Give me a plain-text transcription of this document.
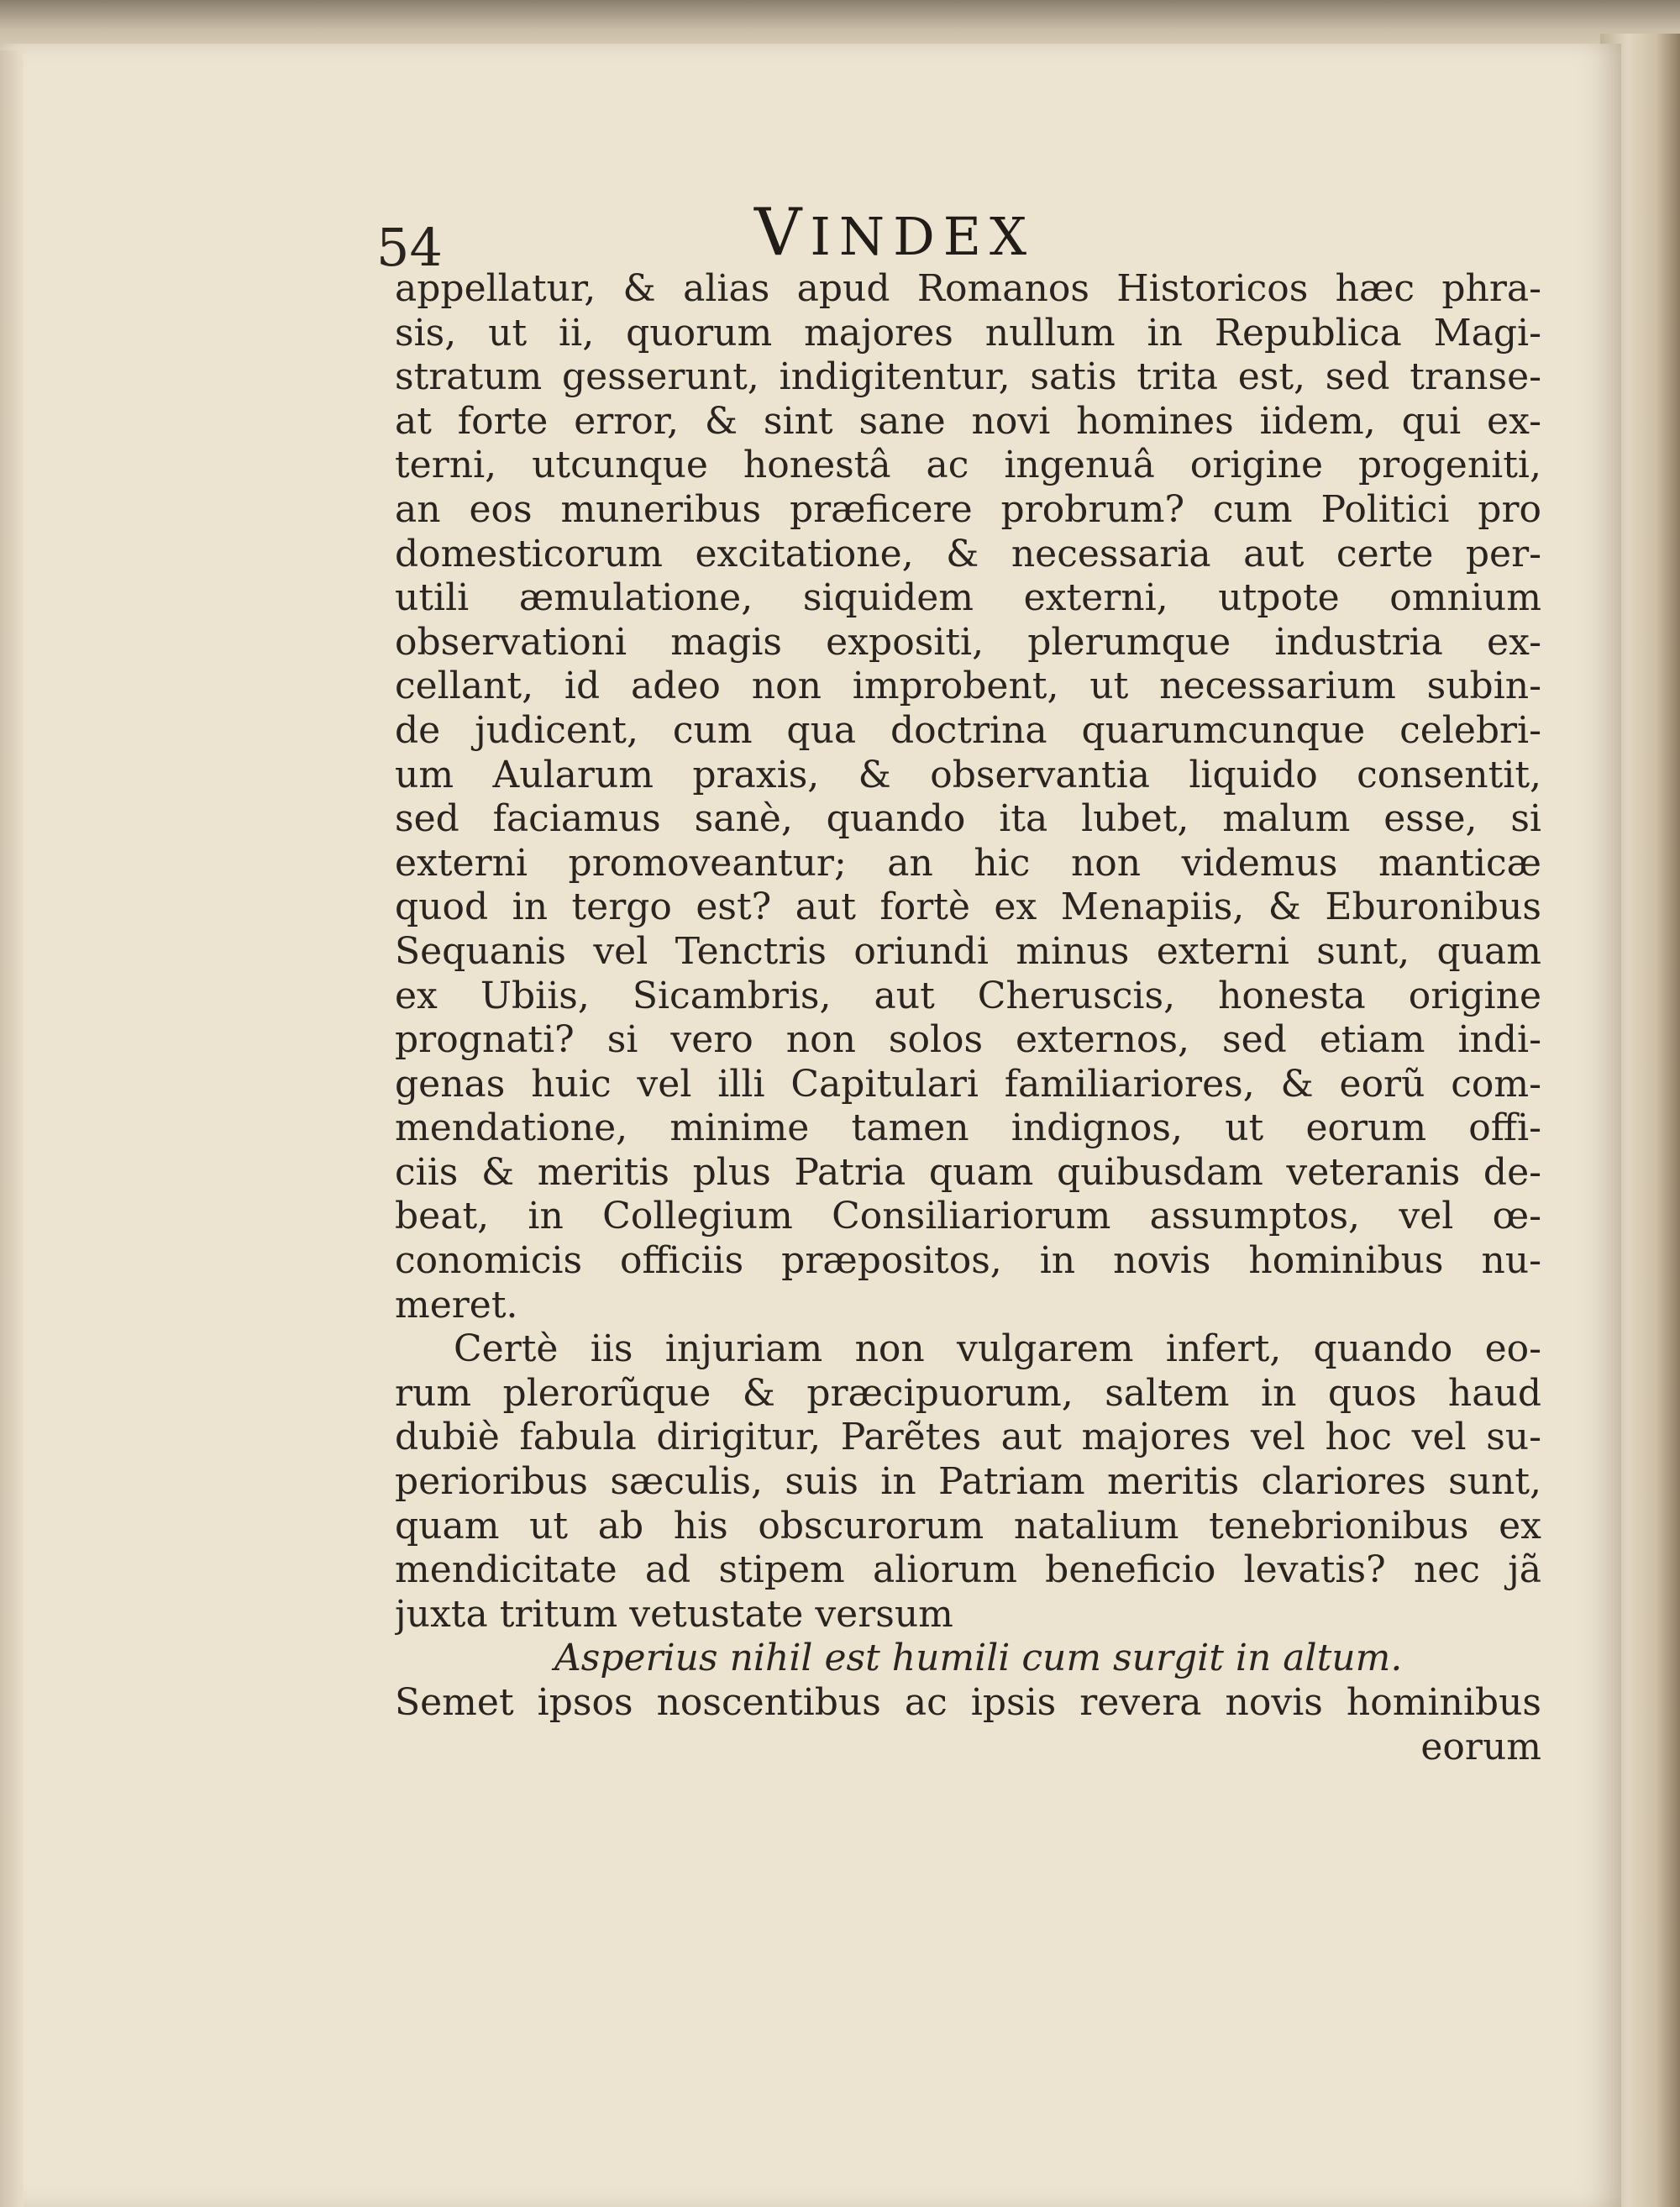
54	VINDEX
appellatur, & alias apud Romanos Historicos hæc phra-
sis, ut ii, quorum majores nullum in Republica Magi-
stratum gesserunt, indigitentur, satis trita est, sed transe-
at forte error, & sint sane novi homines iidem, qui ex-
terni, utcunque honestâ ac ingenuâ origine progeniti,
an eos muneribus præficere probrum? cum Politici pro
domesticorum excitatione, & necessaria aut certe per-
utili æmulatione, siquidem externi, utpote omnium
observationi magis expositi, plerumque industria ex-
cellant, id adeo non improbent, ut necessarium subin-
de judicent, cum qua doctrina quarumcunque celebri-
um Aularum praxis, & observantia liquido consentit,
sed faciamus sanè, quando ita lubet, malum esse, si
externi promoveantur; an hic non videmus manticæ
quod in tergo est? aut fortè ex Menapiis, & Eburonibus
Sequanis vel Tenctris oriundi minus externi sunt, quam
ex Ubiis, Sicambris, aut Cheruscis, honesta origine
prognati? si vero non solos externos, sed etiam indi-
genas huic vel illi Capitulari familiariores, & eorũ com-
mendatione, minime tamen indignos, ut eorum offi-
ciis & meritis plus Patria quam quibusdam veteranis de-
beat, in Collegium Consiliariorum assumptos, vel œ-
conomicis officiis præpositos, in novis hominibus nu-
meret.
Certè iis injuriam non vulgarem infert, quando eo-
rum plerorũque & præcipuorum, saltem in quos haud
dubiè fabula dirigitur, Parẽtes aut majores vel hoc vel su-
perioribus sæculis, suis in Patriam meritis clariores sunt,
quam ut ab his obscurorum natalium tenebrionibus ex
mendicitate ad stipem aliorum beneficio levatis? nec jã
juxta tritum vetustate versum
Asperius nihil est humili cum surgit in altum.
Semet ipsos noscentibus ac ipsis revera novis hominibus
eorum
